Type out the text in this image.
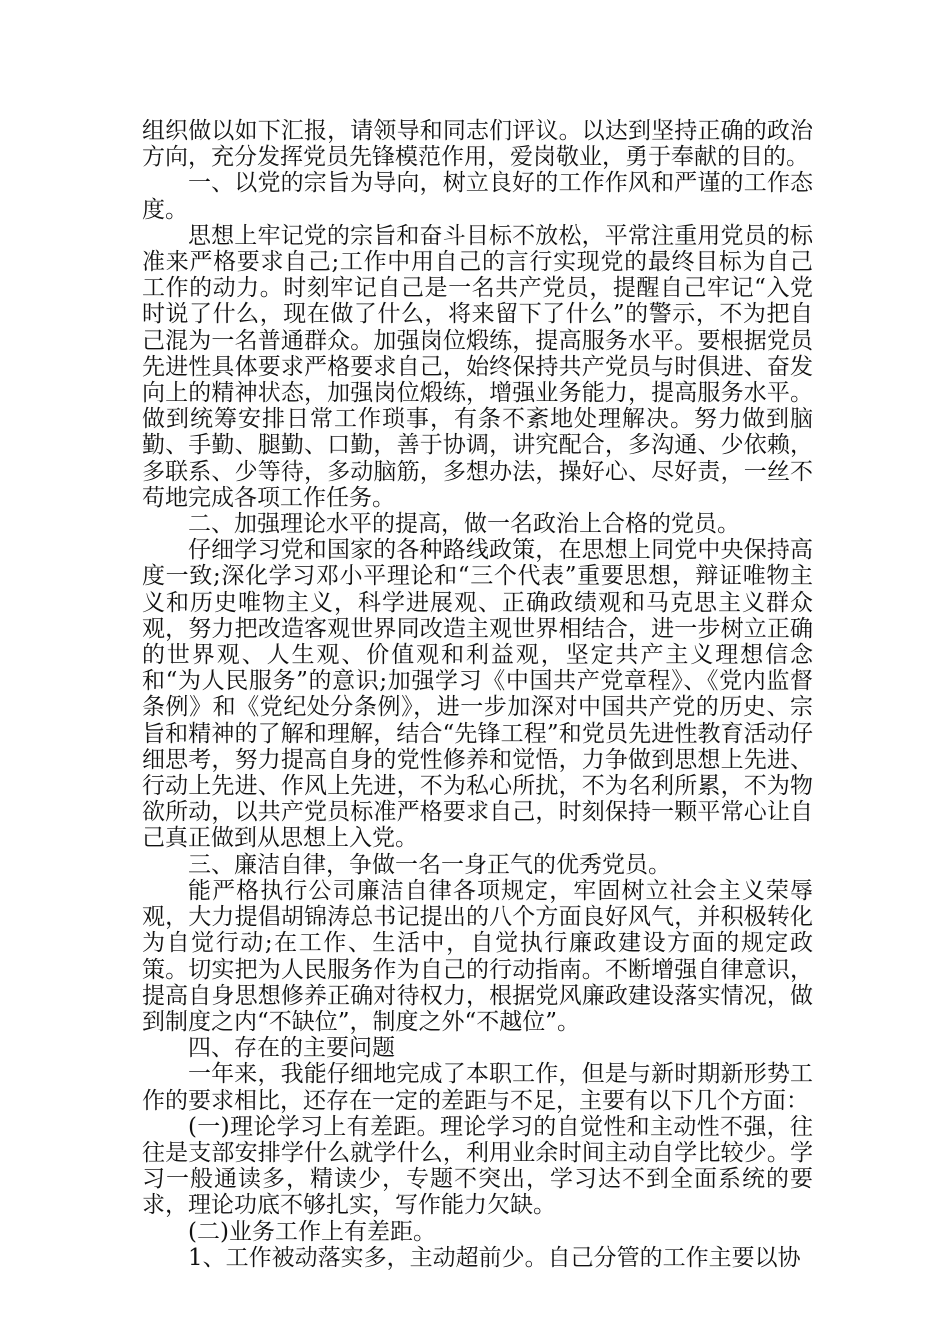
组织做以如下汇报，请领导和同志们评议。以达到坚持正确的政治方向，充分发挥党员先锋模范作用，爱岗敬业，勇于奉献的目的。

一、以党的宗旨为导向，树立良好的工作作风和严谨的工作态度。

思想上牢记党的宗旨和奋斗目标不放松，平常注重用党员的标准来严格要求自己;工作中用自己的言行实现党的最终目标为自己工作的动力。时刻牢记自己是一名共产党员，提醒自己牢记“入党时说了什么，现在做了什么，将来留下了什么”的警示，不为把自己混为一名普通群众。加强岗位煅练，提高服务水平。要根据党员先进性具体要求严格要求自己，始终保持共产党员与时俱进、奋发向上的精神状态，加强岗位煅练，增强业务能力，提高服务水平。做到统筹安排日常工作琐事，有条不紊地处理解决。努力做到脑勤、手勤、腿勤、口勤，善于协调，讲究配合，多沟通、少依赖，多联系、少等待，多动脑筋，多想办法，操好心、尽好责，一丝不苟地完成各项工作任务。

二、加强理论水平的提高，做一名政治上合格的党员。

仔细学习党和国家的各种路线政策，在思想上同党中央保持高度一致;深化学习邓小平理论和“三个代表”重要思想，辩证唯物主义和历史唯物主义，科学进展观、正确政绩观和马克思主义群众观，努力把改造客观世界同改造主观世界相结合，进一步树立正确的世界观、人生观、价值观和利益观，坚定共产主义理想信念和“为人民服务”的意识;加强学习《中国共产党章程》、《党内监督条例》和《党纪处分条例》，进一步加深对中国共产党的历史、宗旨和精神的了解和理解，结合“先锋工程”和党员先进性教育活动仔细思考，努力提高自身的党性修养和觉悟，力争做到思想上先进、行动上先进、作风上先进，不为私心所扰，不为名利所累，不为物欲所动，以共产党员标准严格要求自己，时刻保持一颗平常心让自己真正做到从思想上入党。

三、廉洁自律，争做一名一身正气的优秀党员。

能严格执行公司廉洁自律各项规定，牢固树立社会主义荣辱观，大力提倡胡锦涛总书记提出的八个方面良好风气，并积极转化为自觉行动;在工作、生活中，自觉执行廉政建设方面的规定政策。切实把为人民服务作为自己的行动指南。不断增强自律意识，提高自身思想修养正确对待权力，根据党风廉政建设落实情况，做到制度之内“不缺位”，制度之外“不越位”。

四、存在的主要问题

一年来，我能仔细地完成了本职工作，但是与新时期新形势工作的要求相比，还存在一定的差距与不足，主要有以下几个方面：

(一)理论学习上有差距。理论学习的自觉性和主动性不强，往往是支部安排学什么就学什么，利用业余时间主动自学比较少。学习一般通读多，精读少，专题不突出，学习达不到全面系统的要求，理论功底不够扎实，写作能力欠缺。

(二)业务工作上有差距。

1、工作被动落实多，主动超前少。自己分管的工作主要以协
